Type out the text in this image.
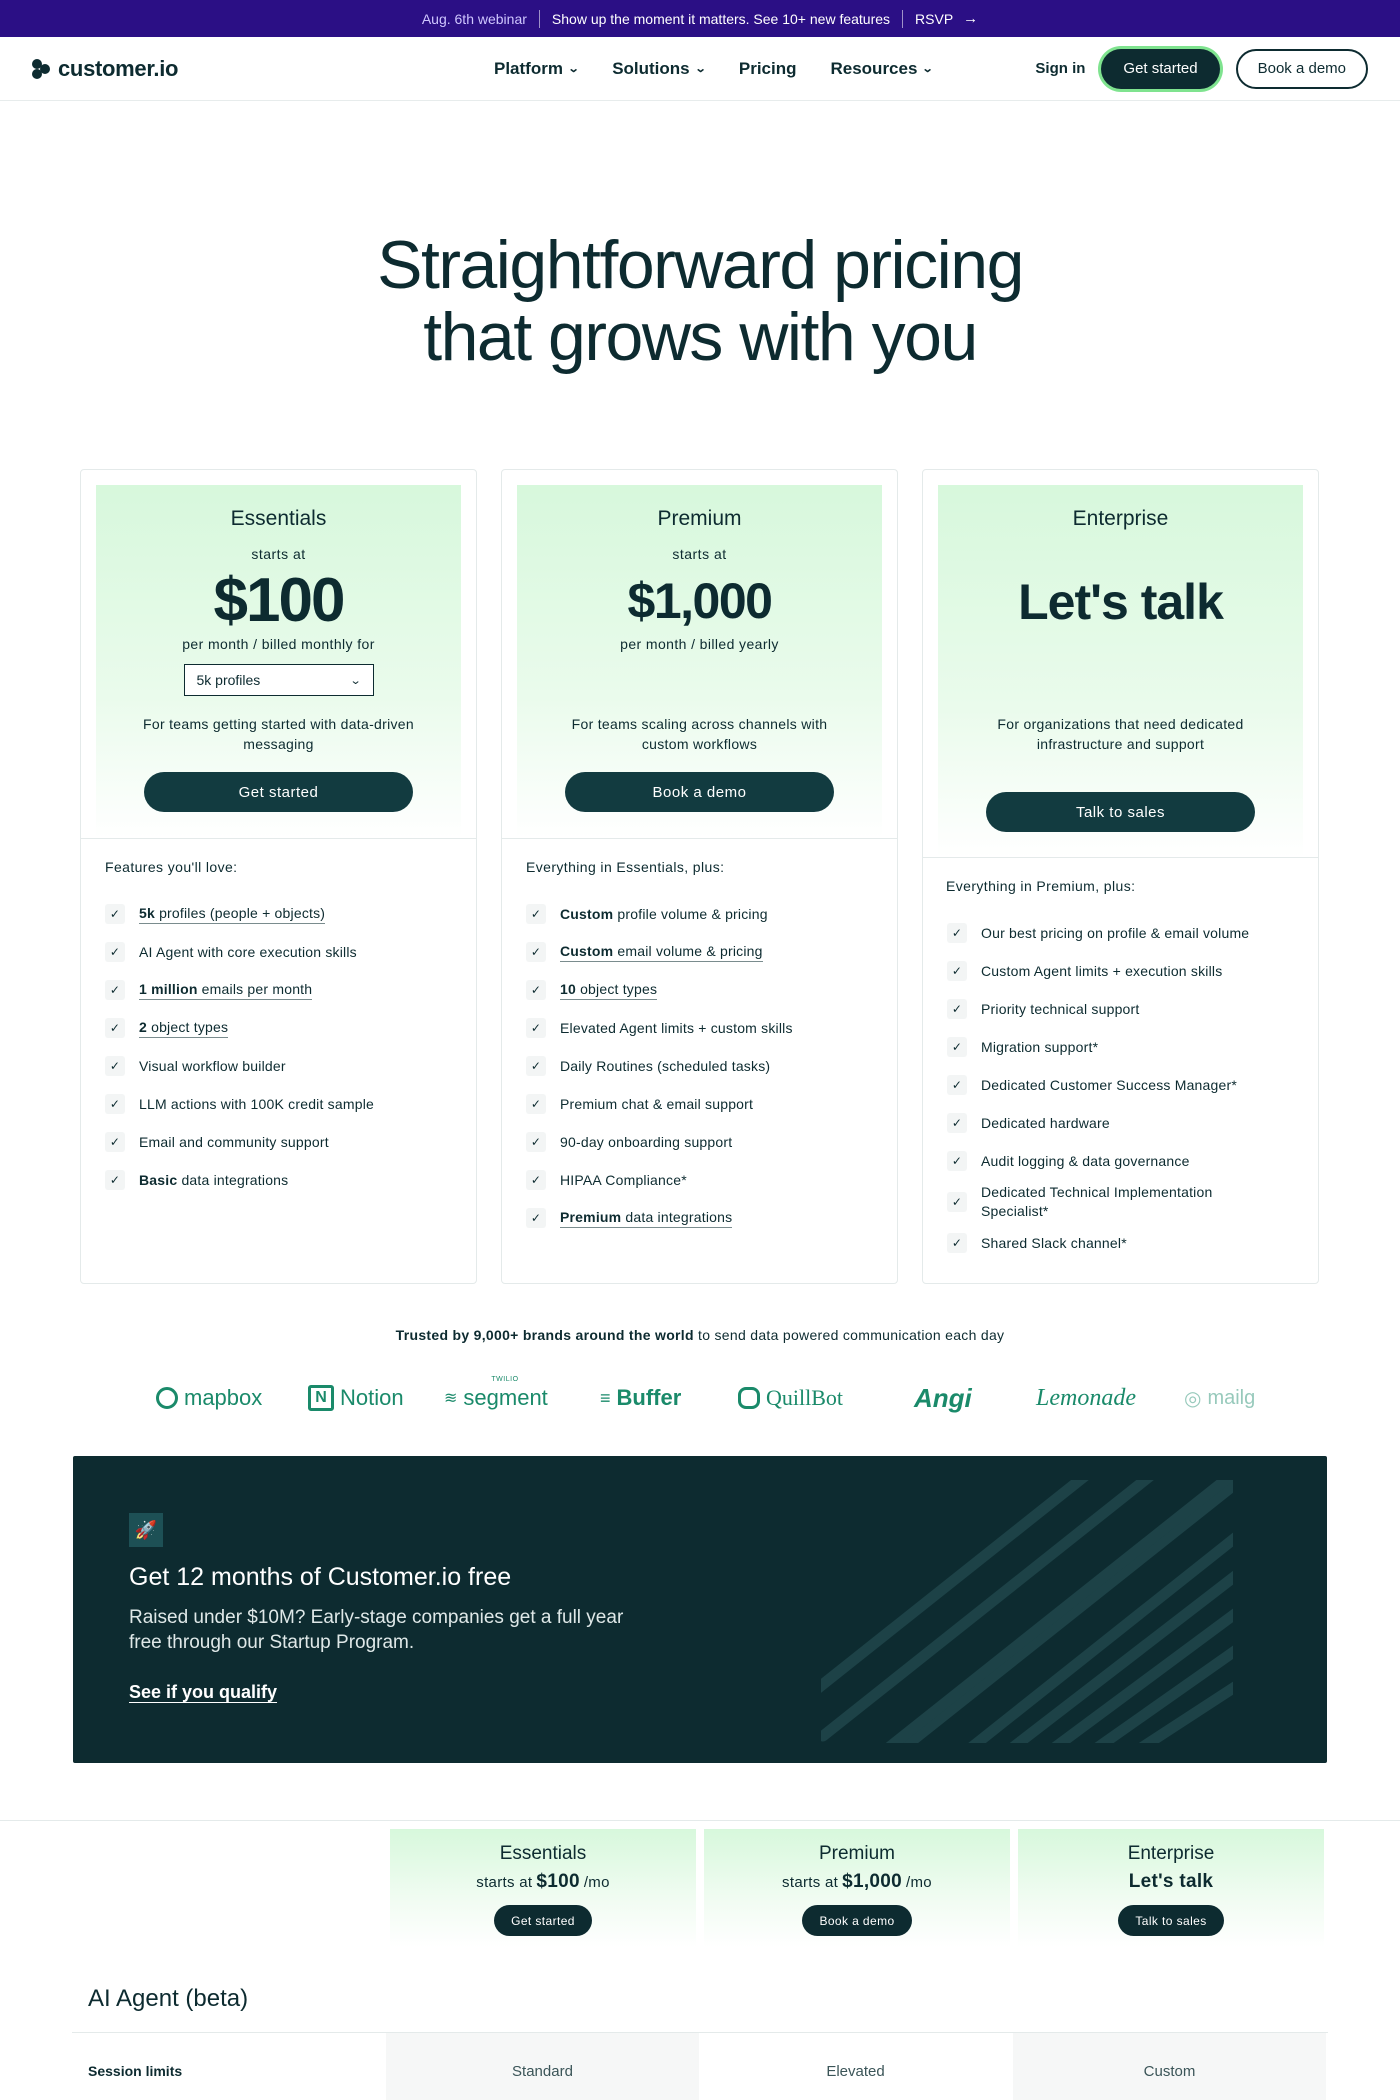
Aug. 6th webinar Show up the moment it matters. See 10+ new features RSVP →
customer.io	Platform ⌄ Solutions ⌄ Pricing Resources ⌄	Sign in	Get started	Book a demo
Straightforward pricing
that grows with you
Essentials
starts at
$100
per month / billed monthly for
5k profiles	⌄
For teams getting started with data-driven messaging
Get started
Features you'll love:
✓	5k profiles (people + objects)
✓	AI Agent with core execution skills
✓	1 million emails per month
✓	2 object types
✓	Visual workflow builder
✓	LLM actions with 100K credit sample
✓	Email and community support
✓	Basic data integrations
Premium
starts at
$1,000
per month / billed yearly
For teams scaling across channels with custom workflows
Book a demo
Everything in Essentials, plus:
✓	Custom profile volume & pricing
✓	Custom email volume & pricing
✓	10 object types
✓	Elevated Agent limits + custom skills
✓	Daily Routines (scheduled tasks)
✓	Premium chat & email support
✓	90-day onboarding support
✓	HIPAA Compliance*
✓	Premium data integrations
Enterprise
Let's talk
For organizations that need dedicated infrastructure and support
Talk to sales
Everything in Premium, plus:
✓	Our best pricing on profile & email volume
✓	Custom Agent limits + execution skills
✓	Priority technical support
✓	Migration support*
✓	Dedicated Customer Success Manager*
✓	Dedicated hardware
✓	Audit logging & data governance
✓
Dedicated Technical Implementation Specialist*
✓	Shared Slack channel*
Trusted by 9,000+ brands around the world to send data powered communication each day
mapbox	N Notion	≋
TWILIO
segment	≡ Buffer	QuillBot	Angi	Lemonade ◎ mailg
🚀
Get 12 months of Customer.io free
Raised under $10M? Early-stage companies get a full year free through our Startup Program.
See if you qualify
Essentials
starts at $100 /mo
Get started
Premium
starts at $1,000 /mo
Book a demo
Enterprise
Let's talk
Talk to sales
AI Agent (beta)
Session limits	Standard	Elevated	Custom
